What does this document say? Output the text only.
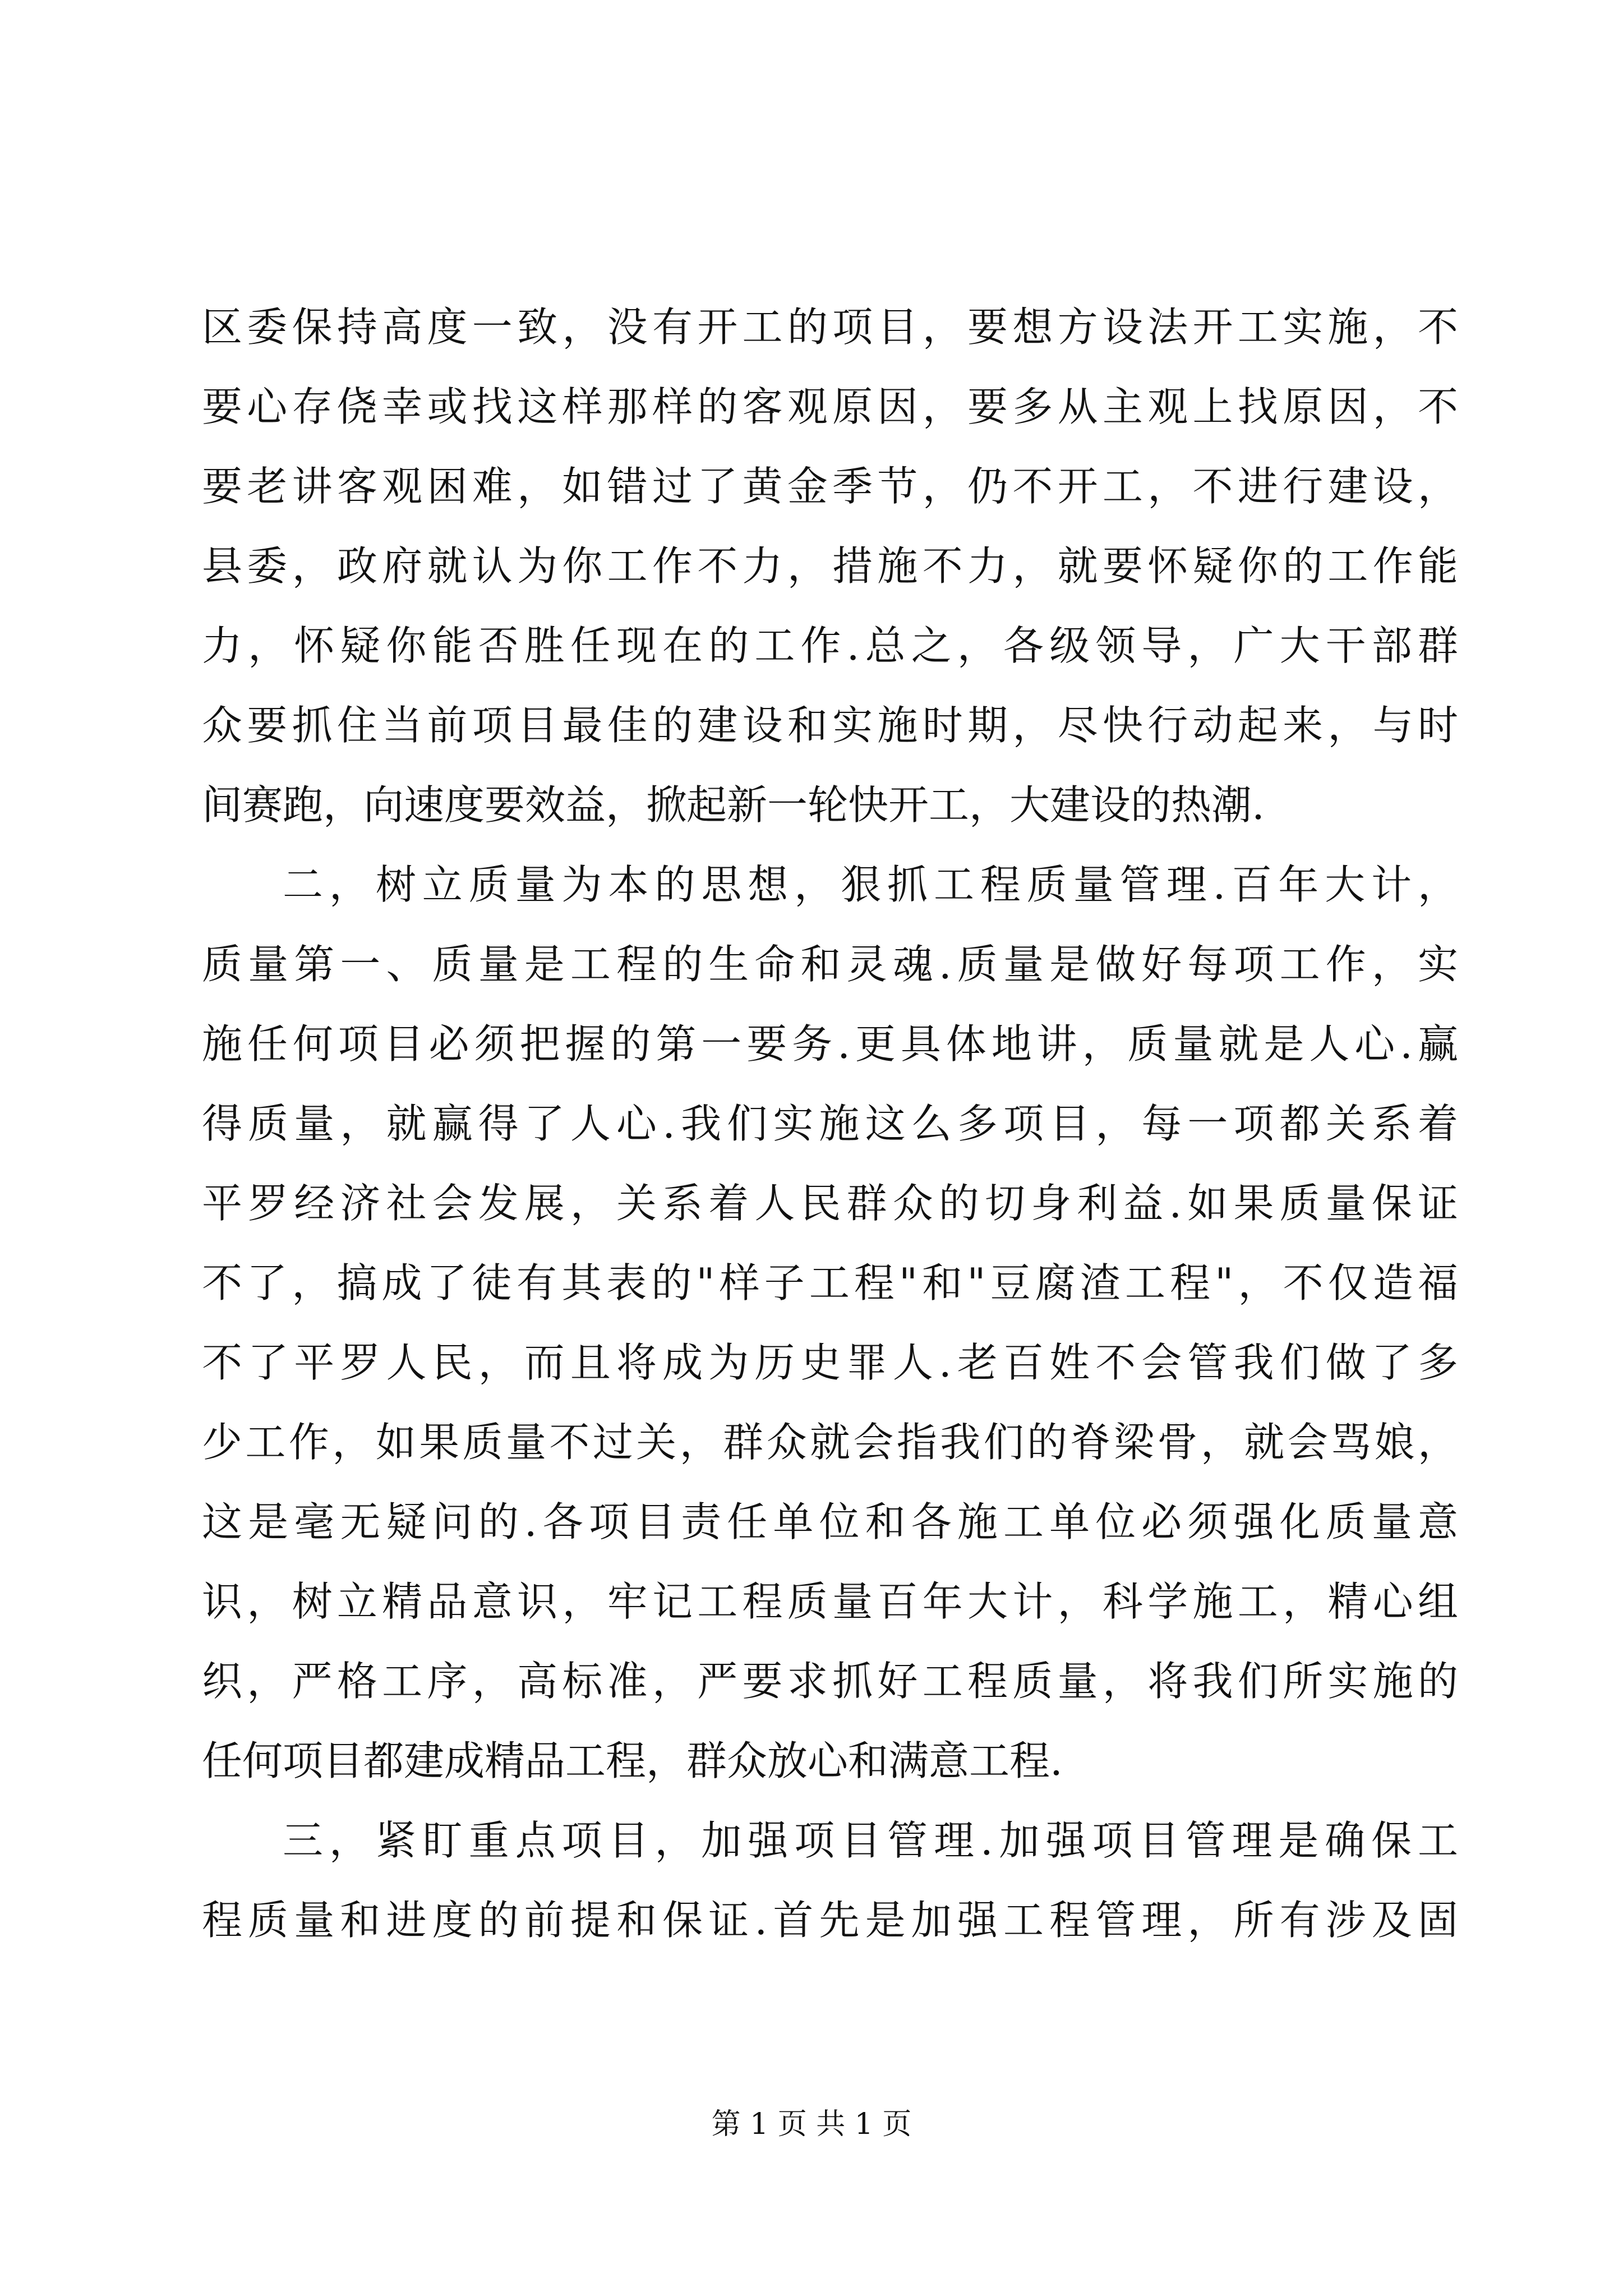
区委保持高度一致，没有开工的项目，要想方设法开工实施，不
要心存侥幸或找这样那样的客观原因，要多从主观上找原因，不
要老讲客观困难，如错过了黄金季节，仍不开工，不进行建设，
县委，政府就认为你工作不力，措施不力，就要怀疑你的工作能
力，怀疑你能否胜任现在的工作.总之，各级领导，广大干部群
众要抓住当前项目最佳的建设和实施时期，尽快行动起来，与时
间赛跑，向速度要效益，掀起新一轮快开工，大建设的热潮.
二，树立质量为本的思想，狠抓工程质量管理.百年大计，
质量第一、质量是工程的生命和灵魂.质量是做好每项工作，实
施任何项目必须把握的第一要务.更具体地讲，质量就是人心.赢
得质量，就赢得了人心.我们实施这么多项目，每一项都关系着
平罗经济社会发展，关系着人民群众的切身利益.如果质量保证
不了，搞成了徒有其表的"样子工程"和"豆腐渣工程"，不仅造福
不了平罗人民，而且将成为历史罪人.老百姓不会管我们做了多
少工作，如果质量不过关，群众就会指我们的脊梁骨，就会骂娘，
这是毫无疑问的.各项目责任单位和各施工单位必须强化质量意
识，树立精品意识，牢记工程质量百年大计，科学施工，精心组
织，严格工序，高标准，严要求抓好工程质量，将我们所实施的
任何项目都建成精品工程，群众放心和满意工程.
三，紧盯重点项目，加强项目管理.加强项目管理是确保工
程质量和进度的前提和保证.首先是加强工程管理，所有涉及固
第 1 页 共 1 页
